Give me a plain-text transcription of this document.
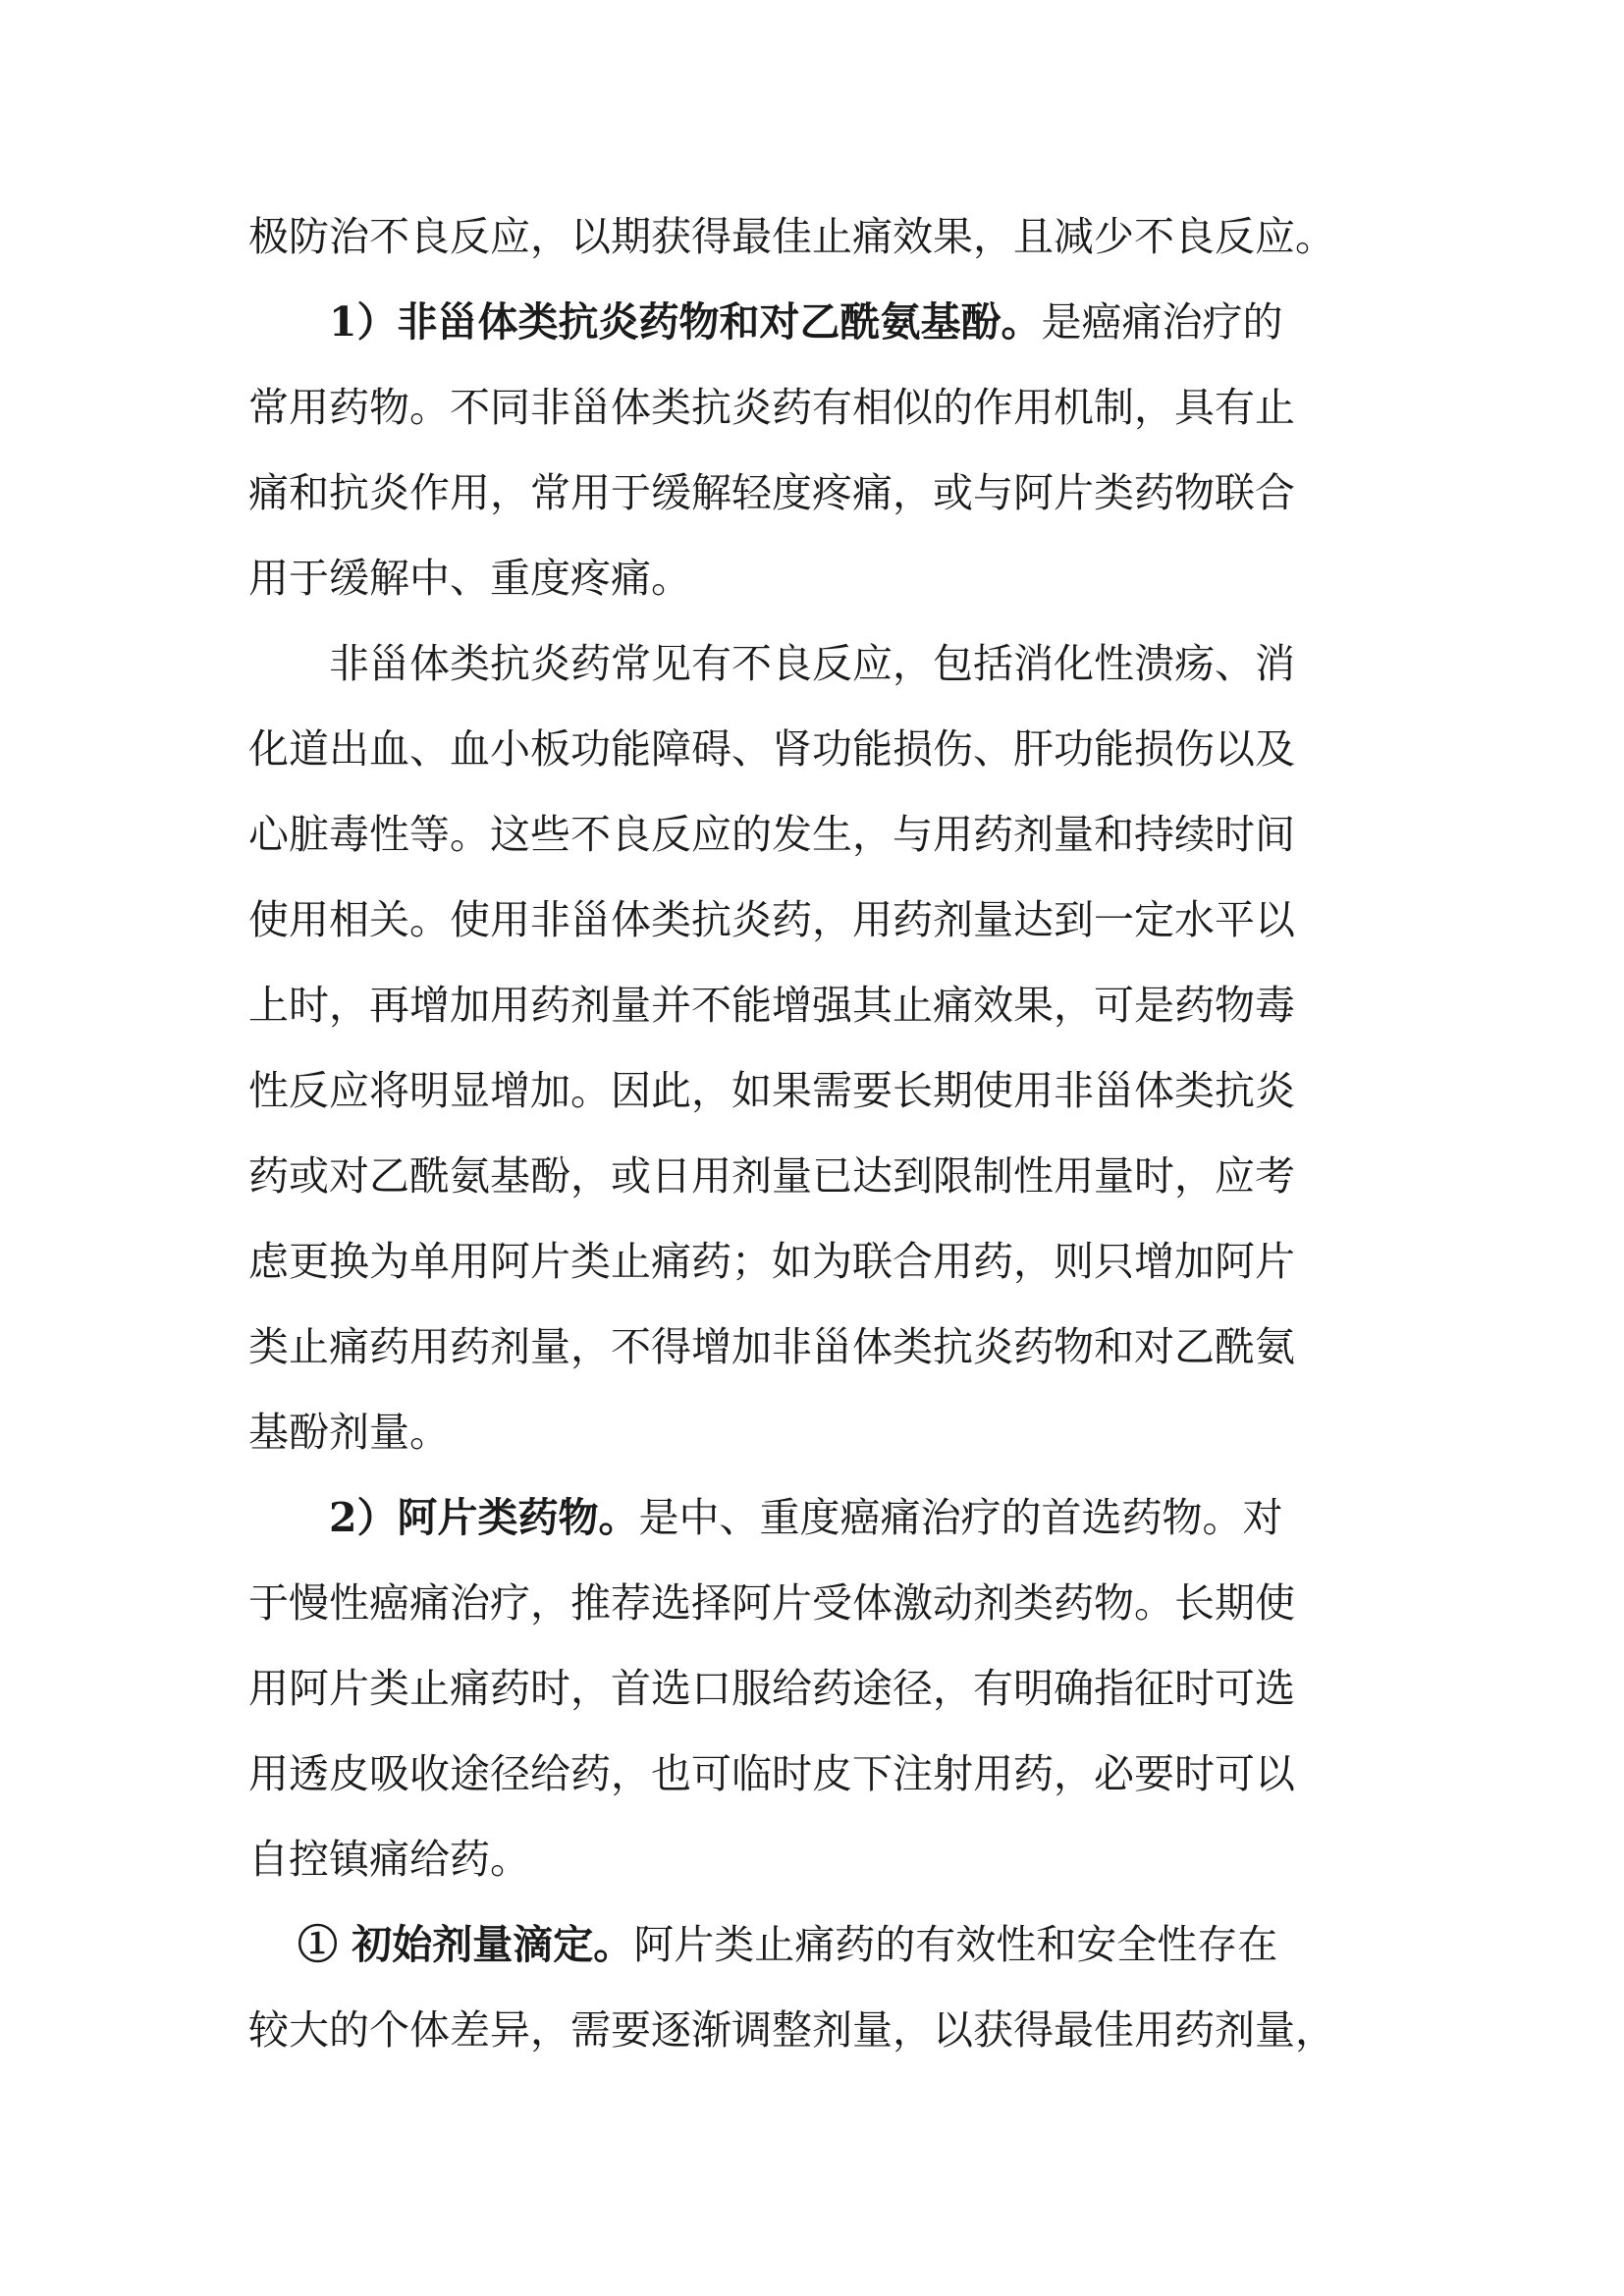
极防治不良反应，以期获得最佳止痛效果，且减少不良反应。
1）非甾体类抗炎药物和对乙酰氨基酚。是癌痛治疗的
常用药物。不同非甾体类抗炎药有相似的作用机制，具有止
痛和抗炎作用，常用于缓解轻度疼痛，或与阿片类药物联合
用于缓解中、重度疼痛。
非甾体类抗炎药常见有不良反应，包括消化性溃疡、消
化道出血、血小板功能障碍、肾功能损伤、肝功能损伤以及
心脏毒性等。这些不良反应的发生，与用药剂量和持续时间
使用相关。使用非甾体类抗炎药，用药剂量达到一定水平以
上时，再增加用药剂量并不能增强其止痛效果，可是药物毒
性反应将明显增加。因此，如果需要长期使用非甾体类抗炎
药或对乙酰氨基酚，或日用剂量已达到限制性用量时，应考
虑更换为单用阿片类止痛药；如为联合用药，则只增加阿片
类止痛药用药剂量，不得增加非甾体类抗炎药物和对乙酰氨
基酚剂量。
2）阿片类药物。是中、重度癌痛治疗的首选药物。对
于慢性癌痛治疗，推荐选择阿片受体激动剂类药物。长期使
用阿片类止痛药时，首选口服给药途径，有明确指征时可选
用透皮吸收途径给药，也可临时皮下注射用药，必要时可以
自控镇痛给药。
① 初始剂量滴定。阿片类止痛药的有效性和安全性存在
较大的个体差异，需要逐渐调整剂量，以获得最佳用药剂量，
